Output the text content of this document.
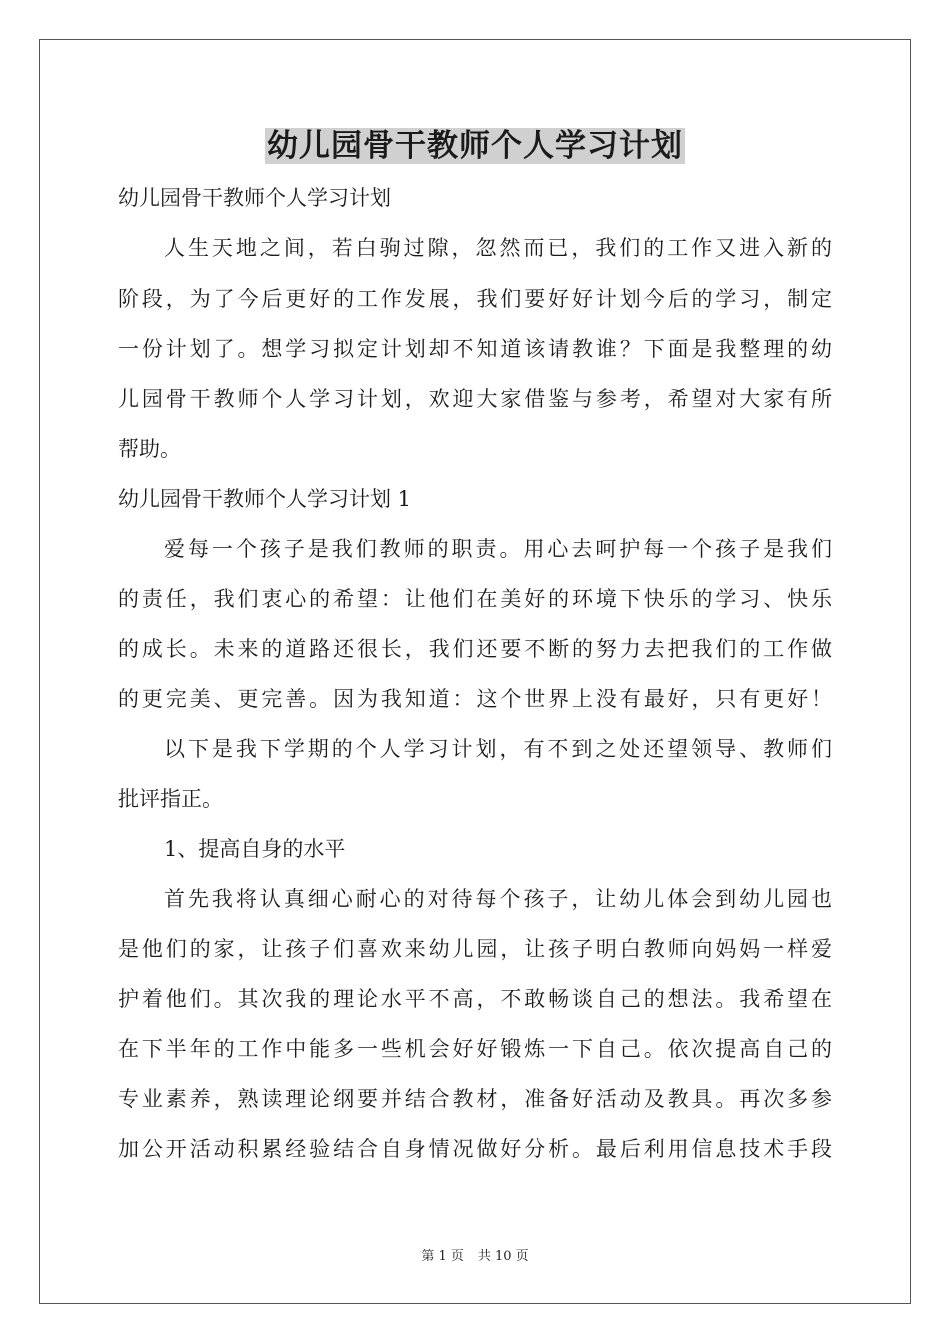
幼儿园骨干教师个人学习计划
幼儿园骨干教师个人学习计划
人生天地之间，若白驹过隙，忽然而已，我们的工作又进入新的
阶段，为了今后更好的工作发展，我们要好好计划今后的学习，制定
一份计划了。想学习拟定计划却不知道该请教谁？下面是我整理的幼
儿园骨干教师个人学习计划，欢迎大家借鉴与参考，希望对大家有所
帮助。
幼儿园骨干教师个人学习计划 1
爱每一个孩子是我们教师的职责。用心去呵护每一个孩子是我们
的责任，我们衷心的希望：让他们在美好的环境下快乐的学习、快乐
的成长。未来的道路还很长，我们还要不断的努力去把我们的工作做
的更完美、更完善。因为我知道：这个世界上没有最好，只有更好！
以下是我下学期的个人学习计划，有不到之处还望领导、教师们
批评指正。
1、提高自身的水平
首先我将认真细心耐心的对待每个孩子，让幼儿体会到幼儿园也
是他们的家，让孩子们喜欢来幼儿园，让孩子明白教师向妈妈一样爱
护着他们。其次我的理论水平不高，不敢畅谈自己的想法。我希望在
在下半年的工作中能多一些机会好好锻炼一下自己。依次提高自己的
专业素养，熟读理论纲要并结合教材，准备好活动及教具。再次多参
加公开活动积累经验结合自身情况做好分析。最后利用信息技术手段
第 1 页 共 10 页
